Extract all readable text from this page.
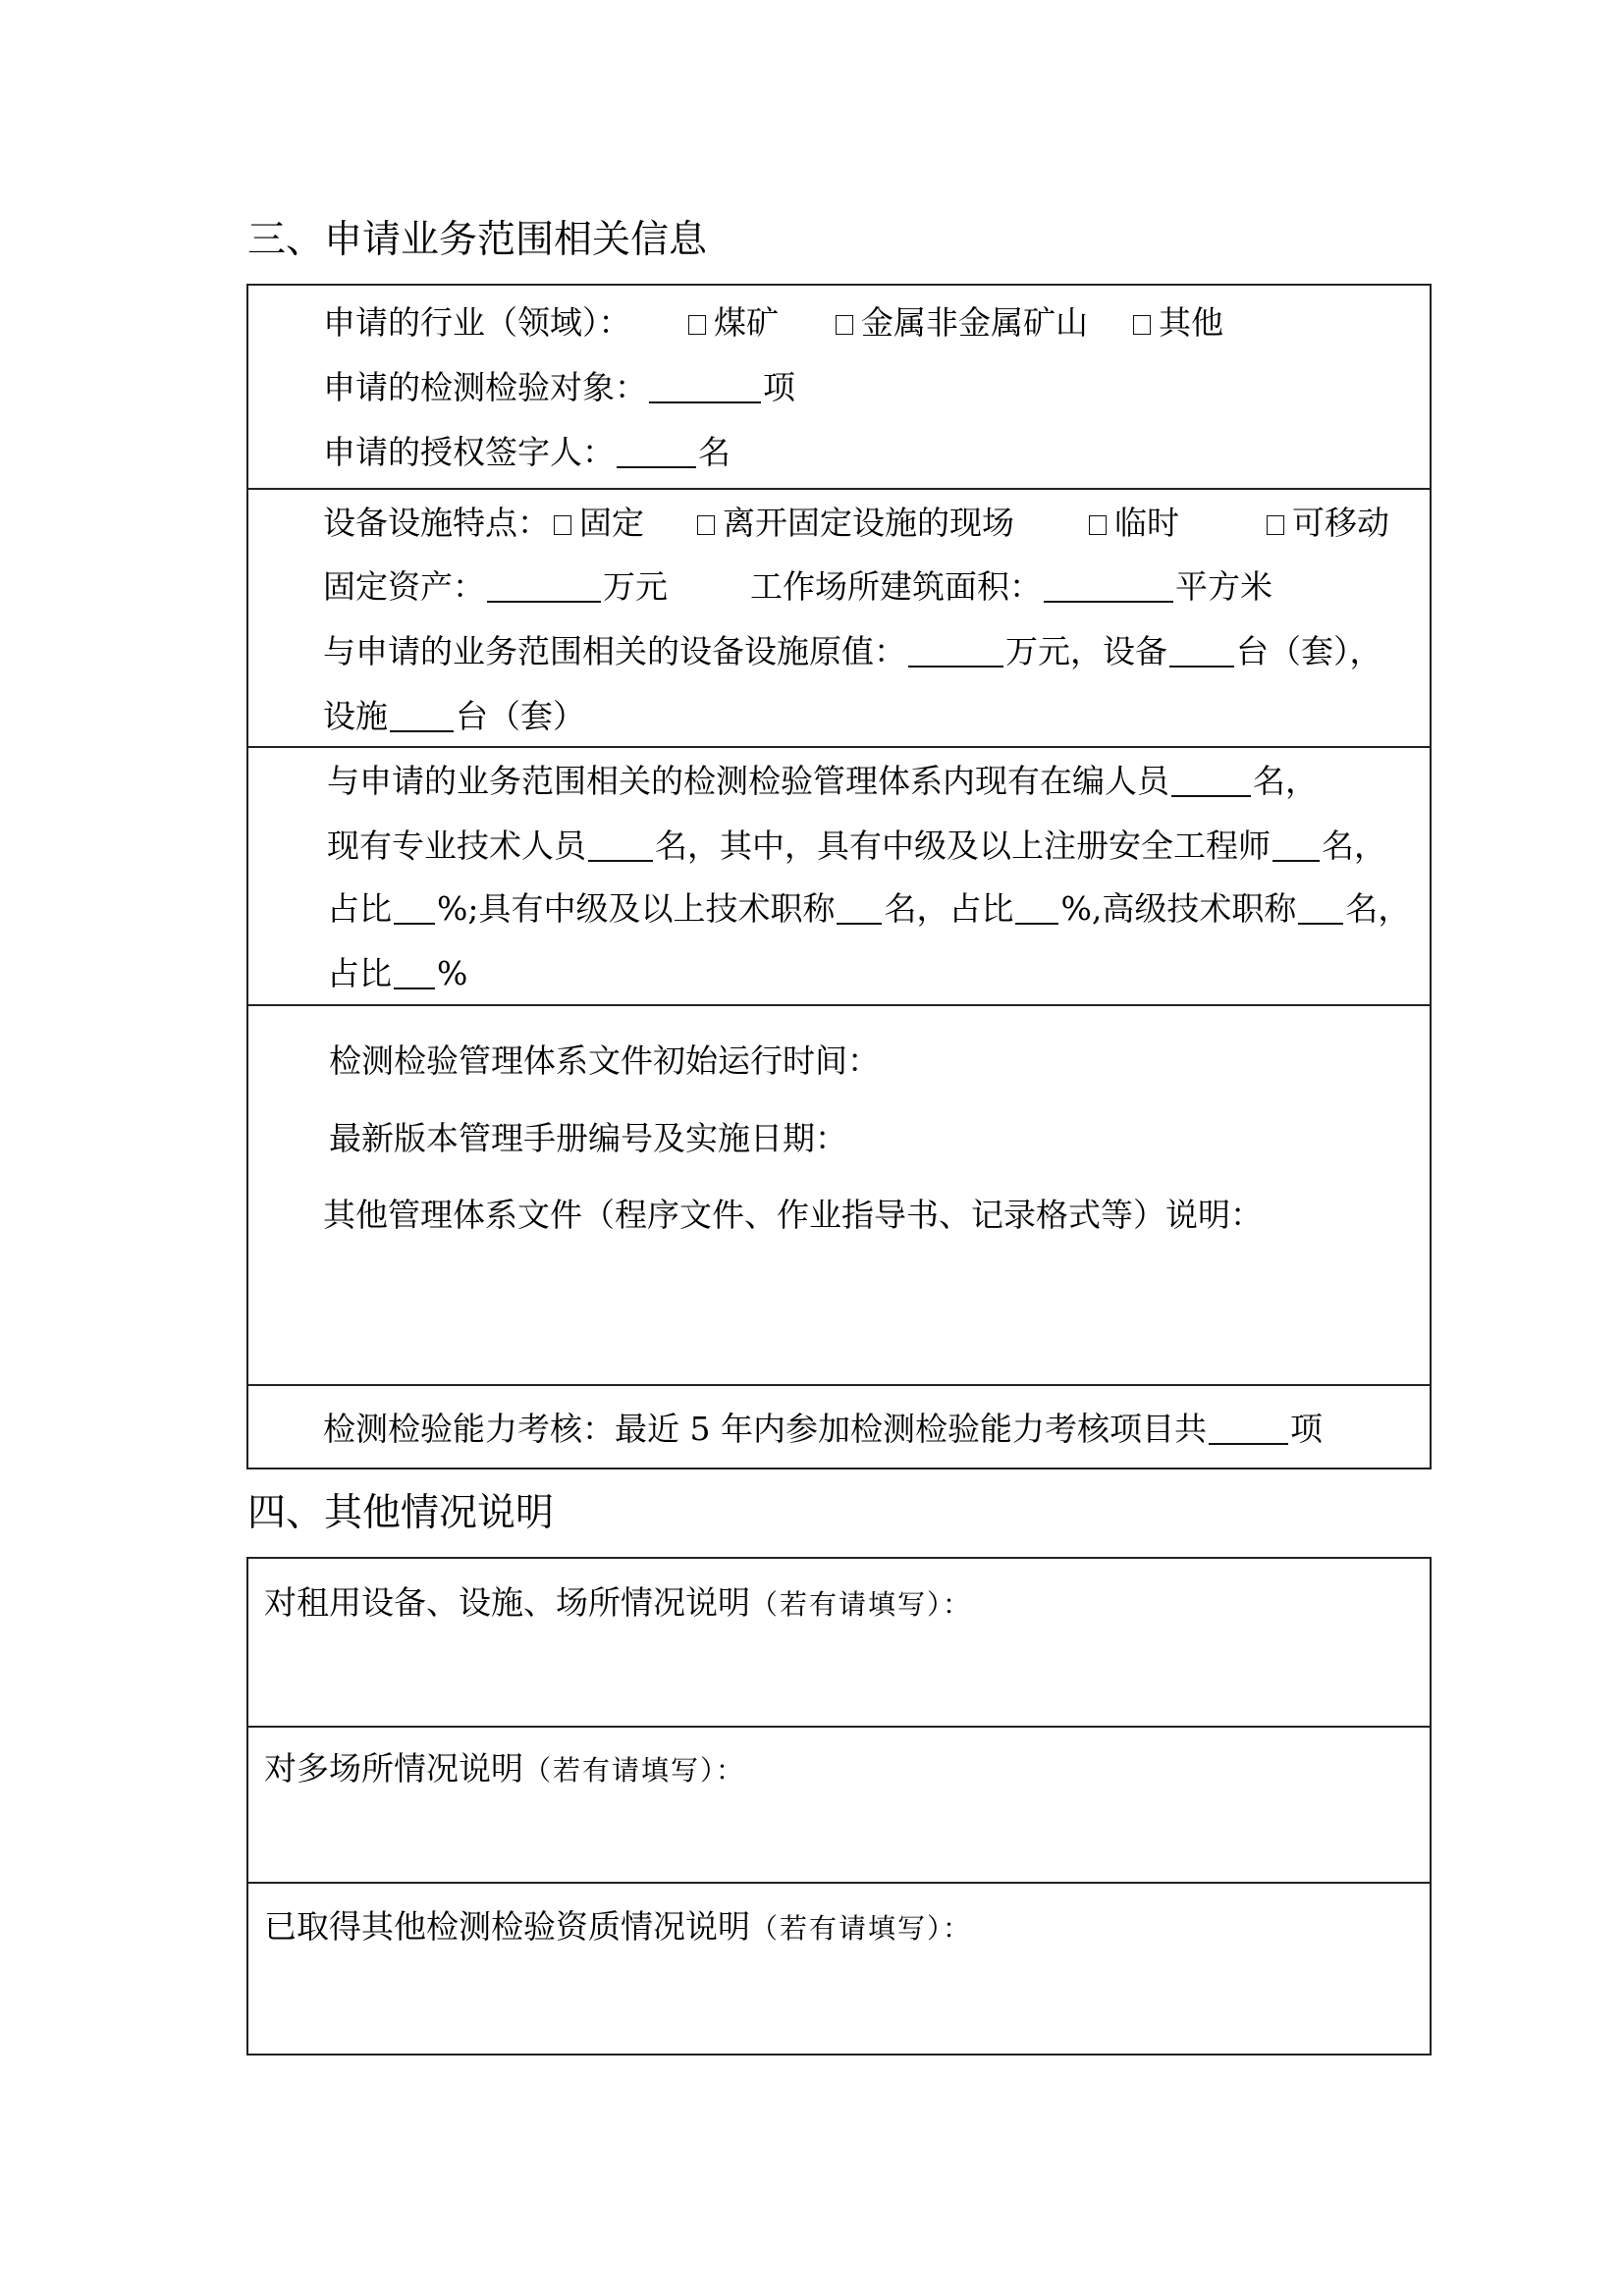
三、申请业务范围相关信息
申请的行业（领域）：	煤矿	金属非金属矿山	其他
申请的检测检验对象：	项
申请的授权签字人：	名
设备设施特点： 固定	离开固定设施的现场	临时	可移动
固定资产：	万元	工作场所建筑面积：	平方米
与申请的业务范围相关的设备设施原值：	万元，设备 台（套），
设施 台（套）
与申请的业务范围相关的检测检验管理体系内现有在编人员	名，
现有专业技术人员 名，其中，具有中级及以上注册安全工程师 名，
占比 %;具有中级及以上技术职称 名，占比 %,高级技术职称 名，
占比 %
检测检验管理体系文件初始运行时间：
最新版本管理手册编号及实施日期：
其他管理体系文件（程序文件、作业指导书、记录格式等）说明：
检测检验能力考核：最近 5 年内参加检测检验能力考核项目共	项
四、其他情况说明
对租用设备、设施、场所情况说明（若有请填写）：
对多场所情况说明（若有请填写）：
已取得其他检测检验资质情况说明（若有请填写）：
